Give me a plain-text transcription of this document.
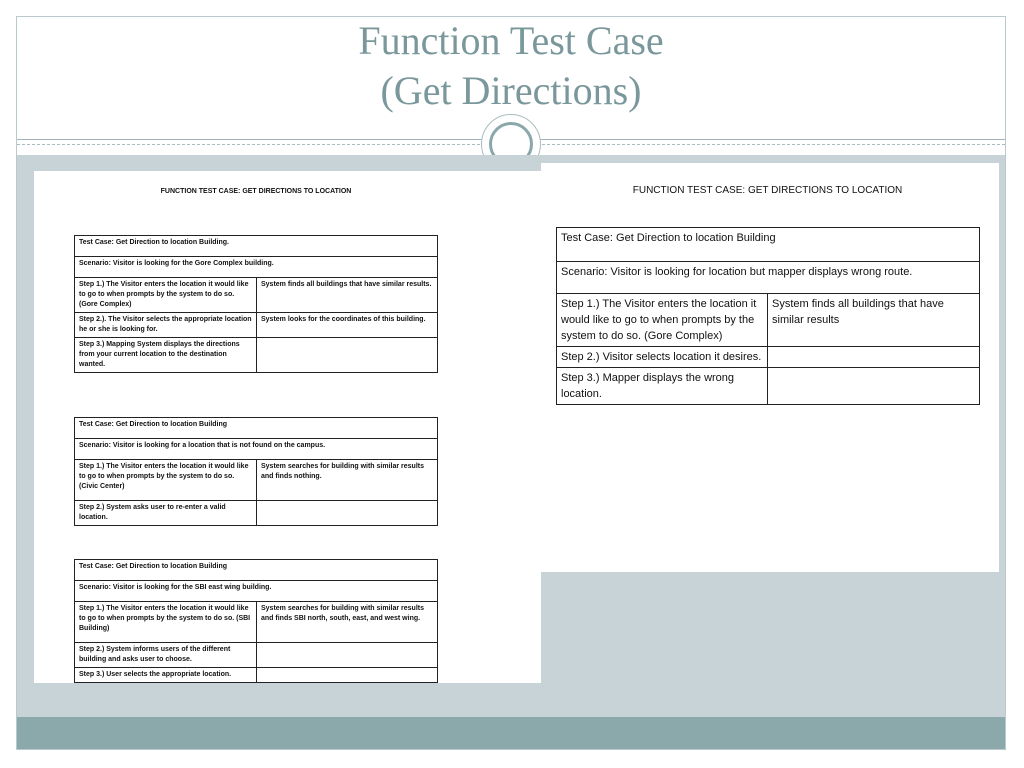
Function Test Case
(Get Directions)
FUNCTION TEST CASE: GET DIRECTIONS TO LOCATION
Test Case: Get Direction to location Building.	
Scenario: Visitor is looking for the Gore Complex building.	
Step 1.) The Visitor enters the location it would like to go to when prompts by the system to do so. (Gore Complex)	System finds all buildings that have similar results.
Step 2.). The Visitor selects the appropriate location he or she is looking for.	System looks for the coordinates of this building.
Step 3.) Mapping System displays the directions from your current location to the destination wanted.	
Test Case: Get Direction to location Building	
Scenario: Visitor is looking for a location that is not found on the campus.	
Step 1.) The Visitor enters the location it would like to go to when prompts by the system to do so. (Civic Center)	System searches for building with similar results and finds nothing.
Step 2.) System asks user to re-enter a valid location.	
Test Case: Get Direction to location Building	
Scenario: Visitor is looking for the SBI east wing building.	
Step 1.) The Visitor enters the location it would like to go to when prompts by the system to do so. (SBI Building)	System searches for building with similar results and finds SBI north, south, east, and west wing.
Step 2.) System informs users of the different building and asks user to choose.	
Step 3.) User selects the appropriate location.	
FUNCTION TEST CASE: GET DIRECTIONS TO LOCATION
Test Case: Get Direction to location Building	
Scenario: Visitor is looking for location but mapper displays wrong route.	
Step 1.) The Visitor enters the location it would like to go to when prompts by the system to do so. (Gore Complex)	System finds all buildings that have similar results
Step 2.) Visitor selects location it desires.	
Step 3.) Mapper displays the wrong location.	
